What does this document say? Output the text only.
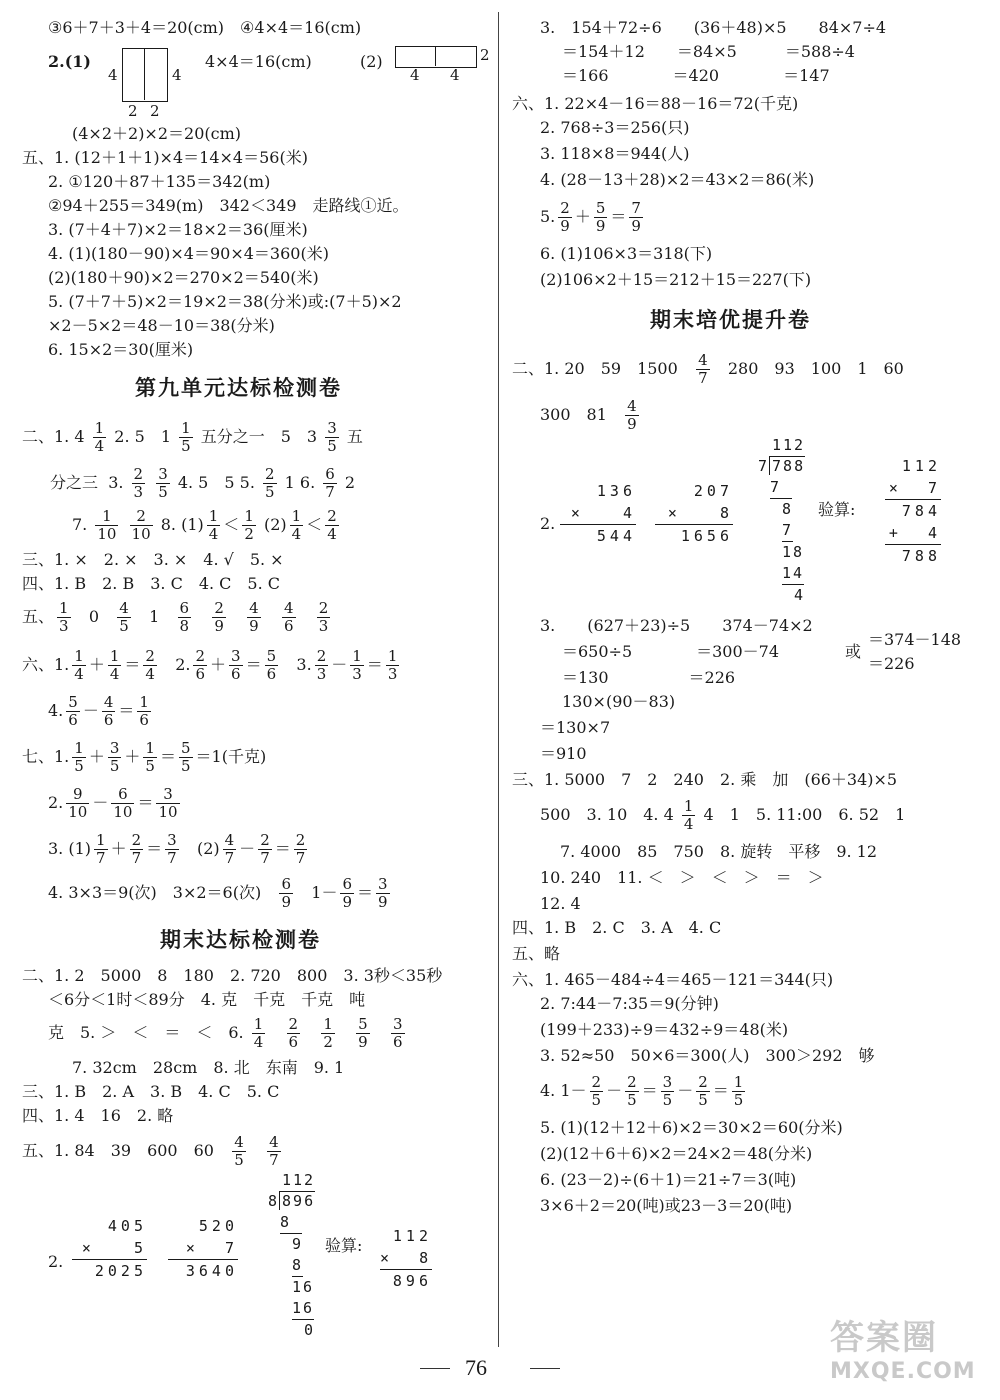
③6＋7＋3＋4＝20(cm)　④4×4＝16(cm)
2.(1)
4	4
2 2
4×4＝16(cm)	(2)
4 4
2
(4×2＋2)×2＝20(cm)
五、1. (12＋1＋1)×4＝14×4＝56(米)
2. ①120＋87＋135＝342(m)
②94＋255＝349(m)　342＜349　走路线①近。
3. (7＋4＋7)×2＝18×2＝36(厘米)
4. (1)(180－90)×4＝90×4＝360(米)
(2)(180＋90)×2＝270×2＝540(米)
5. (7＋7＋5)×2＝19×2＝38(分米)或:(7＋5)×2
×2－5×2＝48－10＝38(分米)
6. 15×2＝30(厘米)
第九单元达标检测卷
二、1. $4 \frac{1}{4} 2$. 5　$1 \frac{1}{5}$ 五分之一　5　$3 \frac{3}{5}$ 五
分之三 3. $\frac{2}{3}$
$\frac{3}{5} 4$. 5　5 5. $\frac{2}{5} 1$ 6. $\frac{6}{7} 2$
7. $\frac{1}{10}$
$\frac{2}{10} 8$. $(1) \frac{1}{4} < \frac{1}{2} (2) \frac{1}{4} < \frac{2}{4}$
三、1. ×　2. ×　3. ×　4. √　5. ×
四、1. B　2. B　3. C　4. C　5. C
五、 $\frac{1}{3} 0 \frac{4}{5} 1 \frac{6}{8}$
$\frac{2}{9}$
$\frac{4}{9}$
$\frac{4}{6}$
$\frac{2}{3}$
六、1. $\frac{1}{4} + \frac{1}{4} = \frac{2}{4} 2$. $\frac{2}{6} + \frac{3}{6} = \frac{5}{6} 3$. $\frac{2}{3} - \frac{1}{3} = \frac{1}{3}$
4. $\frac{5}{6} - \frac{4}{6} = \frac{1}{6}$
七、1. $\frac{1}{5} + \frac{3}{5} + \frac{1}{5} = \frac{5}{5} =1$(千克)
2. $\frac{9}{10} - \frac{6}{10} = \frac{3}{10}$
3. $(1) \frac{1}{7} + \frac{2}{7} = \frac{3}{7} (2) \frac{4}{7} - \frac{2}{7} = \frac{2}{7}$
4. 3×3＝9(次)　3×2＝6(次) $\frac{6}{9} 1- \frac{6}{9} = \frac{3}{9}$
期末达标检测卷
二、1. 2　5000　8　180　2. 720　800　3. 3秒＜35秒
＜6分＜1时＜89分　4. 克　千克　千克　吨
克　5. ＞　＜　＝　＜　6. $\frac{1}{4}$
$\frac{2}{6}$
$\frac{1}{2}$
$\frac{5}{9}$
$\frac{3}{6}$
7. 32cm　28cm　8. 北　东南　9. 1
三、1. B　2. A　3. B　4. C　5. C
四、1. 4　16　2. 略
五、1. 84　39　600　$60 \frac{4}{5}$
$\frac{4}{7}$
2.
405
×   5
2025
520
×  7
3640
112
8 896
8
9
8
16
16
0
验算:	112
×  8
896
3.　154＋72÷6　　(36＋48)×5　　84×7÷4
＝154＋12　　＝84×5　　　＝588÷4
＝166　　　　＝420　　　　＝147
六、1. 22×4－16＝88－16＝72(千克)
2. 768÷3＝256(只)
3. 118×8＝944(人)
4. (28－13＋28)×2＝43×2＝86(米)
5. $\frac{2}{9} + \frac{5}{9} = \frac{7}{9}$
6. (1)106×3＝318(下)
(2)106×2＋15＝212＋15＝227(下)
期末培优提升卷
二、1. 20　59　$1500 \frac{4}{7} 280$　93　100　1　60
300　$81 \frac{4}{9}$
2.
136
×   4
544
207
×   8
1656
112
7 788
7
8
7
18
14
4
验算:
112
×  7
784
+  4
788
3.　　(627＋23)÷5　　374－74×2
＝650÷5　　　　＝300－74
＝130　　　　　＝226
或
＝374－148
＝226
130×(90－83)
＝130×7
＝910
三、1. 5000　7　2　240　2. 乘　加　(66＋34)×5
500　3. 10　4. $4 \frac{1}{4} 4$　1　5. 11:00　6. 52　1
7. 4000　85　750　8. 旋转　平移　9. 12
10. 240　11. ＜　＞　＜　＞　＝　＞
12. 4
四、1. B　2. C　3. A　4. C
五、略
六、1. 465－484÷4＝465－121＝344(只)
2. 7:44－7:35＝9(分钟)
(199＋233)÷9＝432÷9＝48(米)
3. 52≈50　50×6＝300(人)　300＞292　够
4. $1- \frac{2}{5} - \frac{2}{5} = \frac{3}{5} - \frac{2}{5} = \frac{1}{5}$
5. (1)(12＋12＋6)×2＝30×2＝60(分米)
(2)(12＋6＋6)×2＝24×2＝48(分米)
6. (23－2)÷(6＋1)＝21÷7＝3(吨)
3×6＋2＝20(吨)或23－3＝20(吨)
76
答案圈
MXQE.COM
